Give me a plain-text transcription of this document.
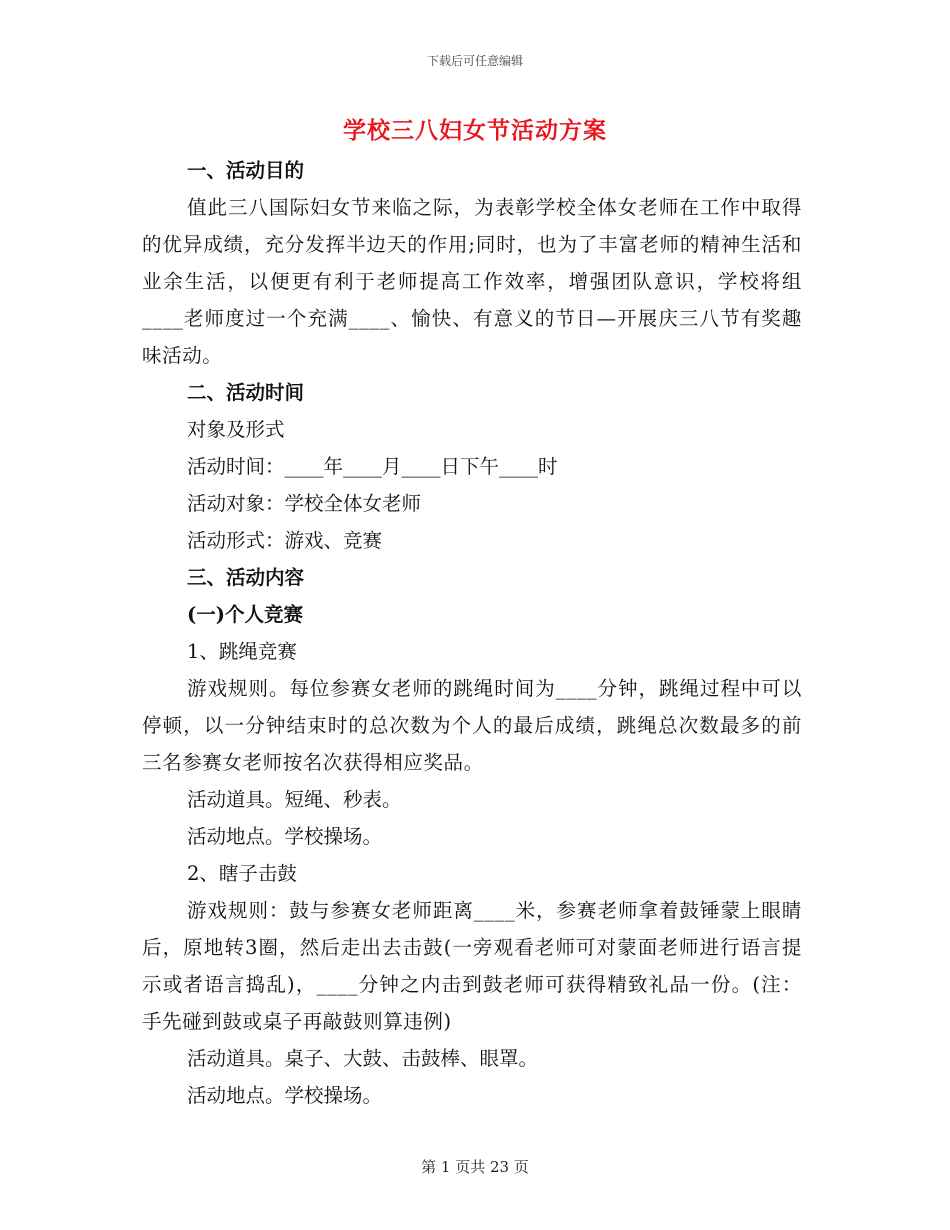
下载后可任意编辑
学校三八妇女节活动方案
一、活动目的
值此三八国际妇女节来临之际，为表彰学校全体女老师在工作中取得的优异成绩，充分发挥半边天的作用;同时，也为了丰富老师的精神生活和业余生活，以便更有利于老师提高工作效率，增强团队意识，学校将组____老师度过一个充满____、愉快、有意义的节日—开展庆三八节有奖趣味活动。
二、活动时间
对象及形式
活动时间：____年____月____日下午____时
活动对象：学校全体女老师
活动形式：游戏、竞赛
三、活动内容
(一)个人竞赛
1、跳绳竞赛
游戏规则。每位参赛女老师的跳绳时间为____分钟，跳绳过程中可以停顿，以一分钟结束时的总次数为个人的最后成绩，跳绳总次数最多的前三名参赛女老师按名次获得相应奖品。
活动道具。短绳、秒表。
活动地点。学校操场。
2、瞎子击鼓
游戏规则：鼓与参赛女老师距离____米，参赛老师拿着鼓锤蒙上眼睛后，原地转3圈，然后走出去击鼓(一旁观看老师可对蒙面老师进行语言提示或者语言捣乱)，____分钟之内击到鼓老师可获得精致礼品一份。(注：手先碰到鼓或桌子再敲鼓则算违例)
活动道具。桌子、大鼓、击鼓棒、眼罩。
活动地点。学校操场。
第 1 页共 23 页
